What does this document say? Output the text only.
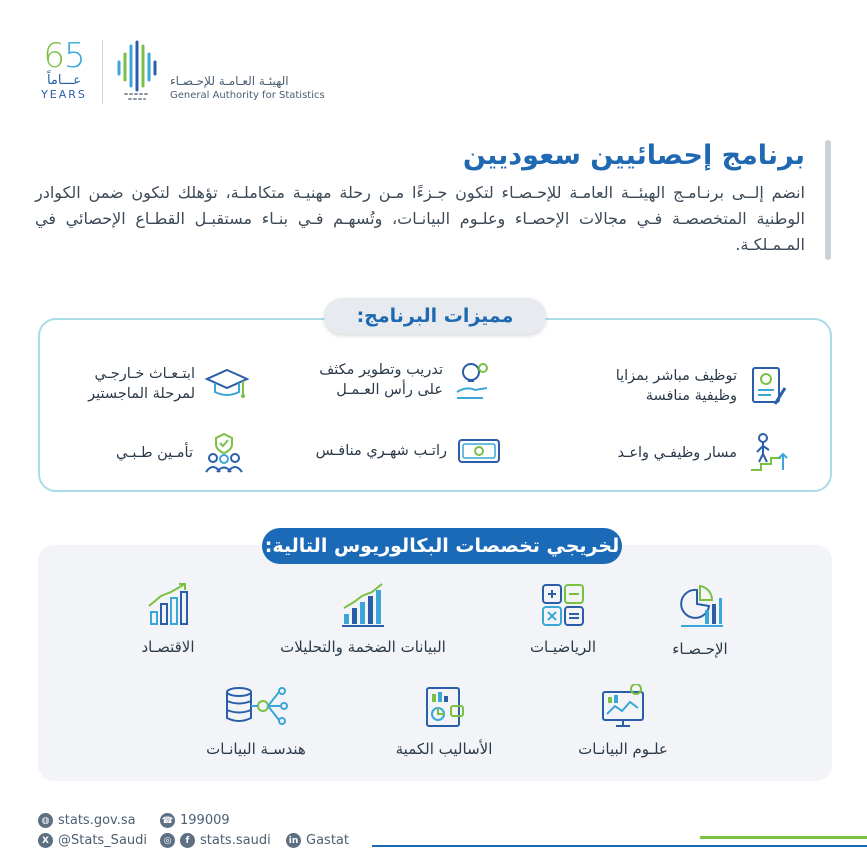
65
عـــاماً
YEARS
الهيئـة العـامـة للإحـصـاء
General Authority for Statistics
برنامج إحصائيين سعوديين
انضم إلــى برنـامـج الهيئــة العامـة للإحـصـاء لتكون جـزءًا مـن رحلة مهنيـة متكاملـة، تؤهلك لتكون ضمن الكوادر الوطنية المتخصصـة فـي مجالات الإحصـاء وعلـوم البيانـات، وتُسهـم فـي بنـاء مستقبـل القطـاع الإحصائي في المـمـلكـة.
مميزات البرنامج:
توظيف مباشر بمزايا وظيفية منافسة
تدريب وتطوير مكثف على رأس العـمـل
ابتـعـاث خـارجـي لمرحلة الماجستير
مسار وظيفـي واعـد
راتـب شهـري منافـس
تأمـين طـبـي
لخريجي تخصصات البكالوريوس التالية:
الإحـصـاء
الرياضيـات
البيانات الضخمة والتحليلات
الاقتصـاد
علـوم البيانـات
الأساليب الكمية
هندسـة البيانـات
◍ stats.gov.sa	☎ 199009
X @Stats_Saudi	◎	f stats.saudi	in Gastat
